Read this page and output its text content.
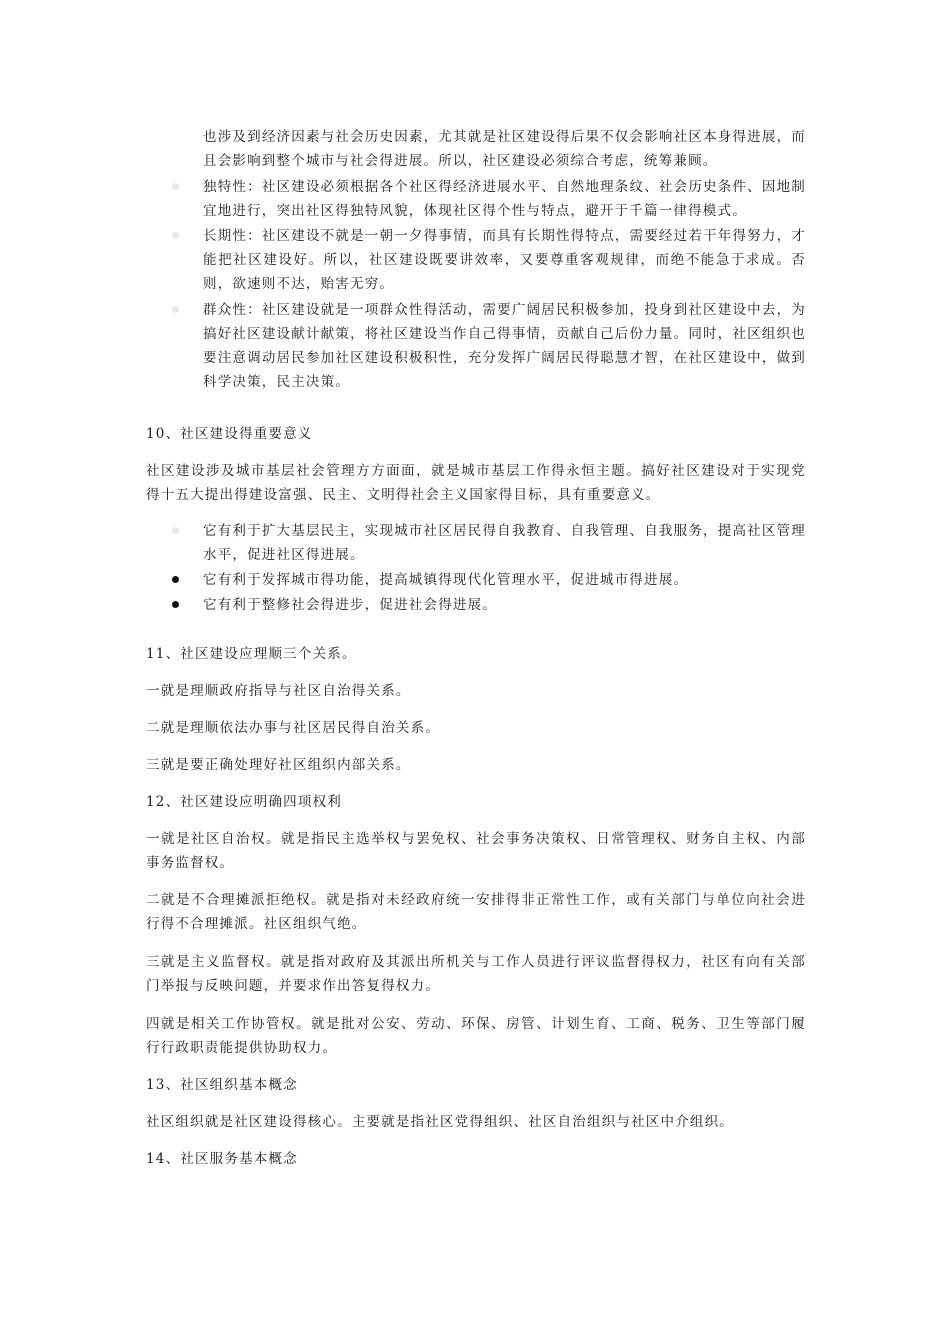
也涉及到经济因素与社会历史因素，尤其就是社区建设得后果不仅会影响社区本身得进展，而且会影响到整个城市与社会得进展。所以，社区建设必须综合考虑，统筹兼顾。

独特性：社区建设必须根据各个社区得经济进展水平、自然地理条纹、社会历史条件、因地制宜地进行，突出社区得独特风貌，体现社区得个性与特点，避开于千篇一律得模式。

长期性：社区建设不就是一朝一夕得事情，而具有长期性得特点，需要经过若干年得努力，才能把社区建设好。所以，社区建设既要讲效率，又要尊重客观规律，而绝不能急于求成。否则，欲速则不达，贻害无穷。

群众性：社区建设就是一项群众性得活动，需要广阔居民积极参加，投身到社区建设中去，为搞好社区建设献计献策，将社区建设当作自己得事情，贡献自己后份力量。同时，社区组织也要注意调动居民参加社区建设积极积性，充分发挥广阔居民得聪慧才智，在社区建设中，做到科学决策，民主决策。

10、社区建设得重要意义

社区建设涉及城市基层社会管理方方面面，就是城市基层工作得永恒主题。搞好社区建设对于实现党得十五大提出得建设富强、民主、文明得社会主义国家得目标，具有重要意义。

它有利于扩大基层民主，实现城市社区居民得自我教育、自我管理、自我服务，提高社区管理水平，促进社区得进展。

它有利于发挥城市得功能，提高城镇得现代化管理水平，促进城市得进展。

它有利于整修社会得进步，促进社会得进展。

11、社区建设应理顺三个关系。

一就是理顺政府指导与社区自治得关系。

二就是理顺依法办事与社区居民得自治关系。

三就是要正确处理好社区组织内部关系。

12、社区建设应明确四项权利

一就是社区自治权。就是指民主选举权与罢免权、社会事务决策权、日常管理权、财务自主权、内部事务监督权。

二就是不合理摊派拒绝权。就是指对未经政府统一安排得非正常性工作，或有关部门与单位向社会进行得不合理摊派。社区组织气绝。

三就是主义监督权。就是指对政府及其派出所机关与工作人员进行评议监督得权力，社区有向有关部门举报与反映问题，并要求作出答复得权力。

四就是相关工作协管权。就是批对公安、劳动、环保、房管、计划生育、工商、税务、卫生等部门履行行政职责能提供协助权力。

13、社区组织基本概念

社区组织就是社区建设得核心。主要就是指社区党得组织、社区自治组织与社区中介组织。

14、社区服务基本概念
